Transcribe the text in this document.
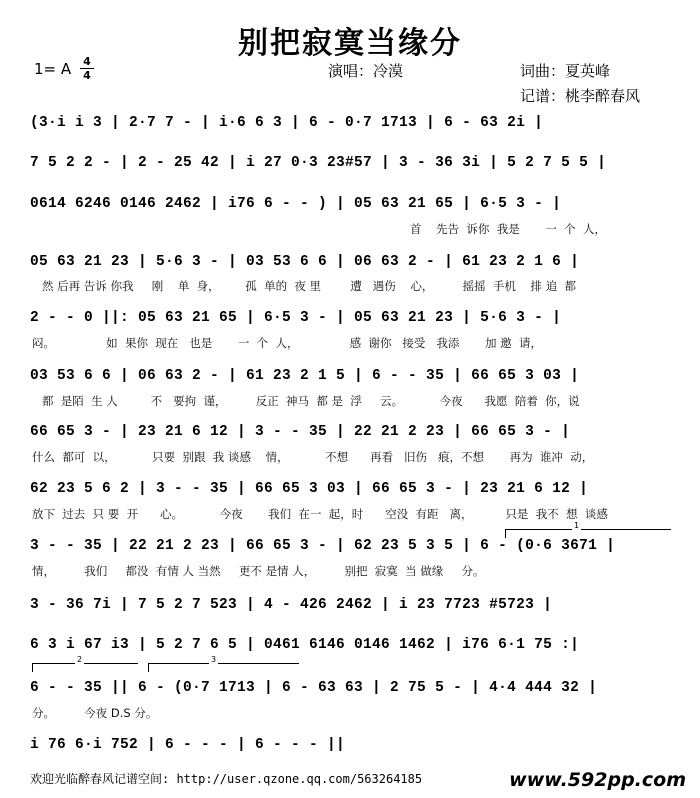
别把寂寞当缘分
1= A 4
4	演唱：冷漠	词曲：夏英峰
记谱：桃李醉春风
(3·i i 3 | 2·7 7 - | i·6 6 3 | 6 - 0·7 1713 | 6 - 63 2i |
7 5 2 2 - | 2 - 25 42 | i 27 0·3 23#57 | 3 - 36 3i | 5 2 7 5 5 |
0614 6246 0146 2462 | i76 6 - - ) | 05 63 21 65 | 6·5 3 - |
首    先告  诉你  我是       一  个  人，
05 63 21 23 | 5·6 3 - | 03 53 6 6 | 06 63 2 - | 61 23 2 1 6 |
然 后再 告诉 你我     刚    单  身，       孤  单的  夜 里        遭   遇伤    心，        摇摇  手机    排 追  都
2 - - 0 ||: 05 63 21 65 | 6·5 3 - | 05 63 21 23 | 5·6 3 - |
闷。              如  果你  现在   也是       一  个  人，              感  谢你   接受   我添       加 邀  请，
03 53 6 6 | 06 63 2 - | 61 23 2 1 5 | 6 - - 35 | 66 65 3 03 |
都  是陌  生 人         不   要拘  谨，        反正  神马  都 是  浮     云。          今夜      我愿  陪着  你，说
66 65 3 - | 23 21 6 12 | 3 - - 35 | 22 21 2 23 | 66 65 3 - |
什么  都可  以，          只要  别跟  我 谈感    情，          不想      再看   旧伤   痕，不想       再为  谁冲  动，
62 23 5 6 2 | 3 - - 35 | 66 65 3 03 | 66 65 3 - | 23 21 6 12 |
放下  过去  只 要  开      心。          今夜       我们  在一  起，时      空没  有距   离，         只是  我不  想  谈感
1
3 - - 35 | 22 21 2 23 | 66 65 3 - | 62 23 5 3 5 | 6 - (0·6 3671 |
情，        我们     都没  有情 人 当然     更不 是情 人，        别把  寂寞  当 做缘     分。
3 - 36 7i | 7 5 2 7 523 | 4 - 426 2462 | i 23 7723 #5723 |
6 3 i 67 i3 | 5 2 7 6 5 | 0461 6146 0146 1462 | i76 6·1 75 :|
2	3
6 - - 35 || 6 - (0·7 1713 | 6 - 63 63 | 2 75 5 - | 4·4 444 32 |
分。        今夜 D.S 分。
i 76 6·i 752 | 6 - - - | 6 - - - ||
欢迎光临醉春风记谱空间: http://user.qzone.qq.com/563264185	www.592pp.com
